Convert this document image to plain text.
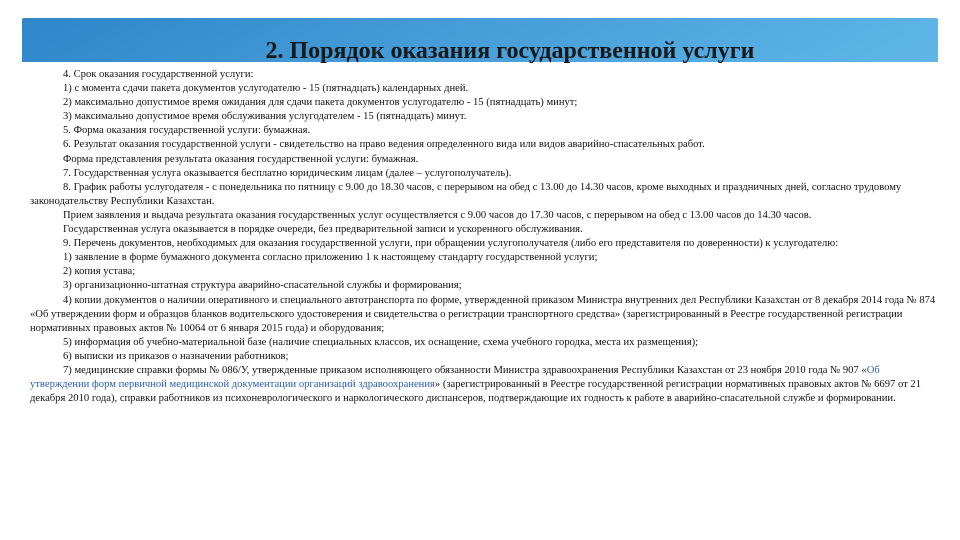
2. Порядок оказания государственной услуги

4. Срок оказания государственной услуги:

1) с момента сдачи пакета документов услугодателю - 15 (пятнадцать) календарных дней.

2) максимально допустимое время ожидания для сдачи пакета документов услугодателю - 15 (пятнадцать) минут;

3) максимально допустимое время обслуживания услугодателем - 15 (пятнадцать) минут.

5. Форма оказания государственной услуги: бумажная.

6. Результат оказания государственной услуги - свидетельство на право ведения определенного вида или видов аварийно-спасательных работ.

Форма представления результата оказания государственной услуги: бумажная.

7. Государственная услуга оказывается бесплатно юридическим лицам (далее – услугополучатель).

8. График работы услугодателя - с понедельника по пятницу с 9.00 до 18.30 часов, с перерывом на обед с 13.00 до 14.30 часов, кроме выходных и праздничных дней, согласно трудовому законодательству Республики Казахстан.

Прием заявления и выдача результата оказания государственных услуг осуществляется с 9.00 часов до 17.30 часов, с перерывом на обед с 13.00 часов до 14.30 часов.

Государственная услуга оказывается в порядке очереди, без предварительной записи и ускоренного обслуживания.

9. Перечень документов, необходимых для оказания государственной услуги, при обращении услугополучателя (либо его представителя по доверенности) к услугодателю:

1) заявление в форме бумажного документа согласно приложению 1 к настоящему стандарту государственной услуги;

2) копия устава;

3) организационно-штатная структура аварийно-спасательной службы и формирования;

4) копии документов о наличии оперативного и специального автотранспорта по форме, утвержденной приказом Министра внутренних дел Республики Казахстан от 8 декабря 2014 года № 874 «Об утверждении форм и образцов бланков водительского удостоверения и свидетельства о регистрации транспортного средства» (зарегистрированный в Реестре государственной регистрации нормативных правовых актов № 10064 от 6 января 2015 года) и оборудования;

5) информация об учебно-материальной базе (наличие специальных классов, их оснащение, схема учебного городка, места их размещения);

6) выписки из приказов о назначении работников;

7) медицинские справки формы № 086/У, утвержденные приказом исполняющего обязанности Министра здравоохранения Республики Казахстан от 23 ноября 2010 года № 907 «Об утверждении форм первичной медицинской документации организаций здравоохранения» (зарегистрированный в Реестре государственной регистрации нормативных правовых актов № 6697 от 21 декабря 2010 года), справки работников из психоневрологического и наркологического диспансеров, подтверждающие их годность к работе в аварийно-спасательной службе и формировании.
